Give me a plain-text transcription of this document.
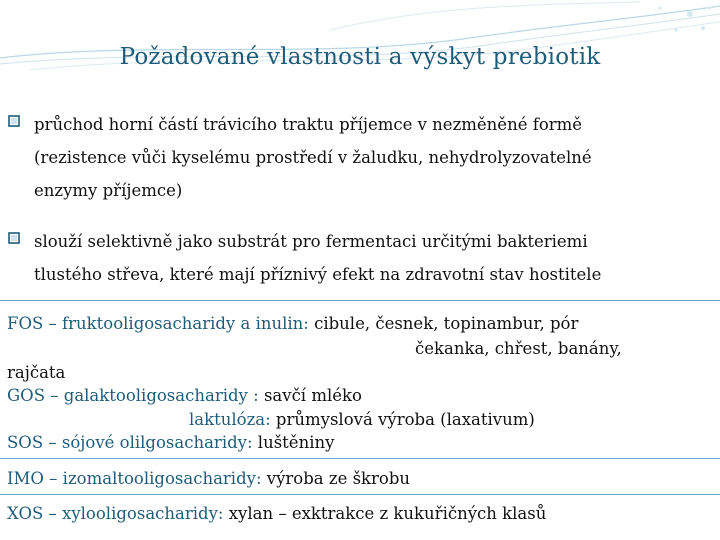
Požadované vlastnosti a výskyt prebiotik
průchod horní částí trávicího traktu příjemce v nezměněné formě
(rezistence vůči kyselému prostředí v žaludku, nehydrolyzovatelné
enzymy příjemce)
slouží selektivně jako substrát pro fermentaci určitými bakteriemi
tlustého střeva, které mají příznivý efekt na zdravotní stav hostitele
FOS – fruktooligosacharidy a inulin: cibule, česnek, topinambur, pór
čekanka, chřest, banány,
rajčata
GOS – galaktooligosacharidy : savčí mléko
laktulóza: průmyslová výroba (laxativum)
SOS – sójové olilgosacharidy: luštěniny
IMO – izomaltooligosacharidy: výroba ze škrobu
XOS – xylooligosacharidy: xylan – exktrakce z kukuřičných klasů
